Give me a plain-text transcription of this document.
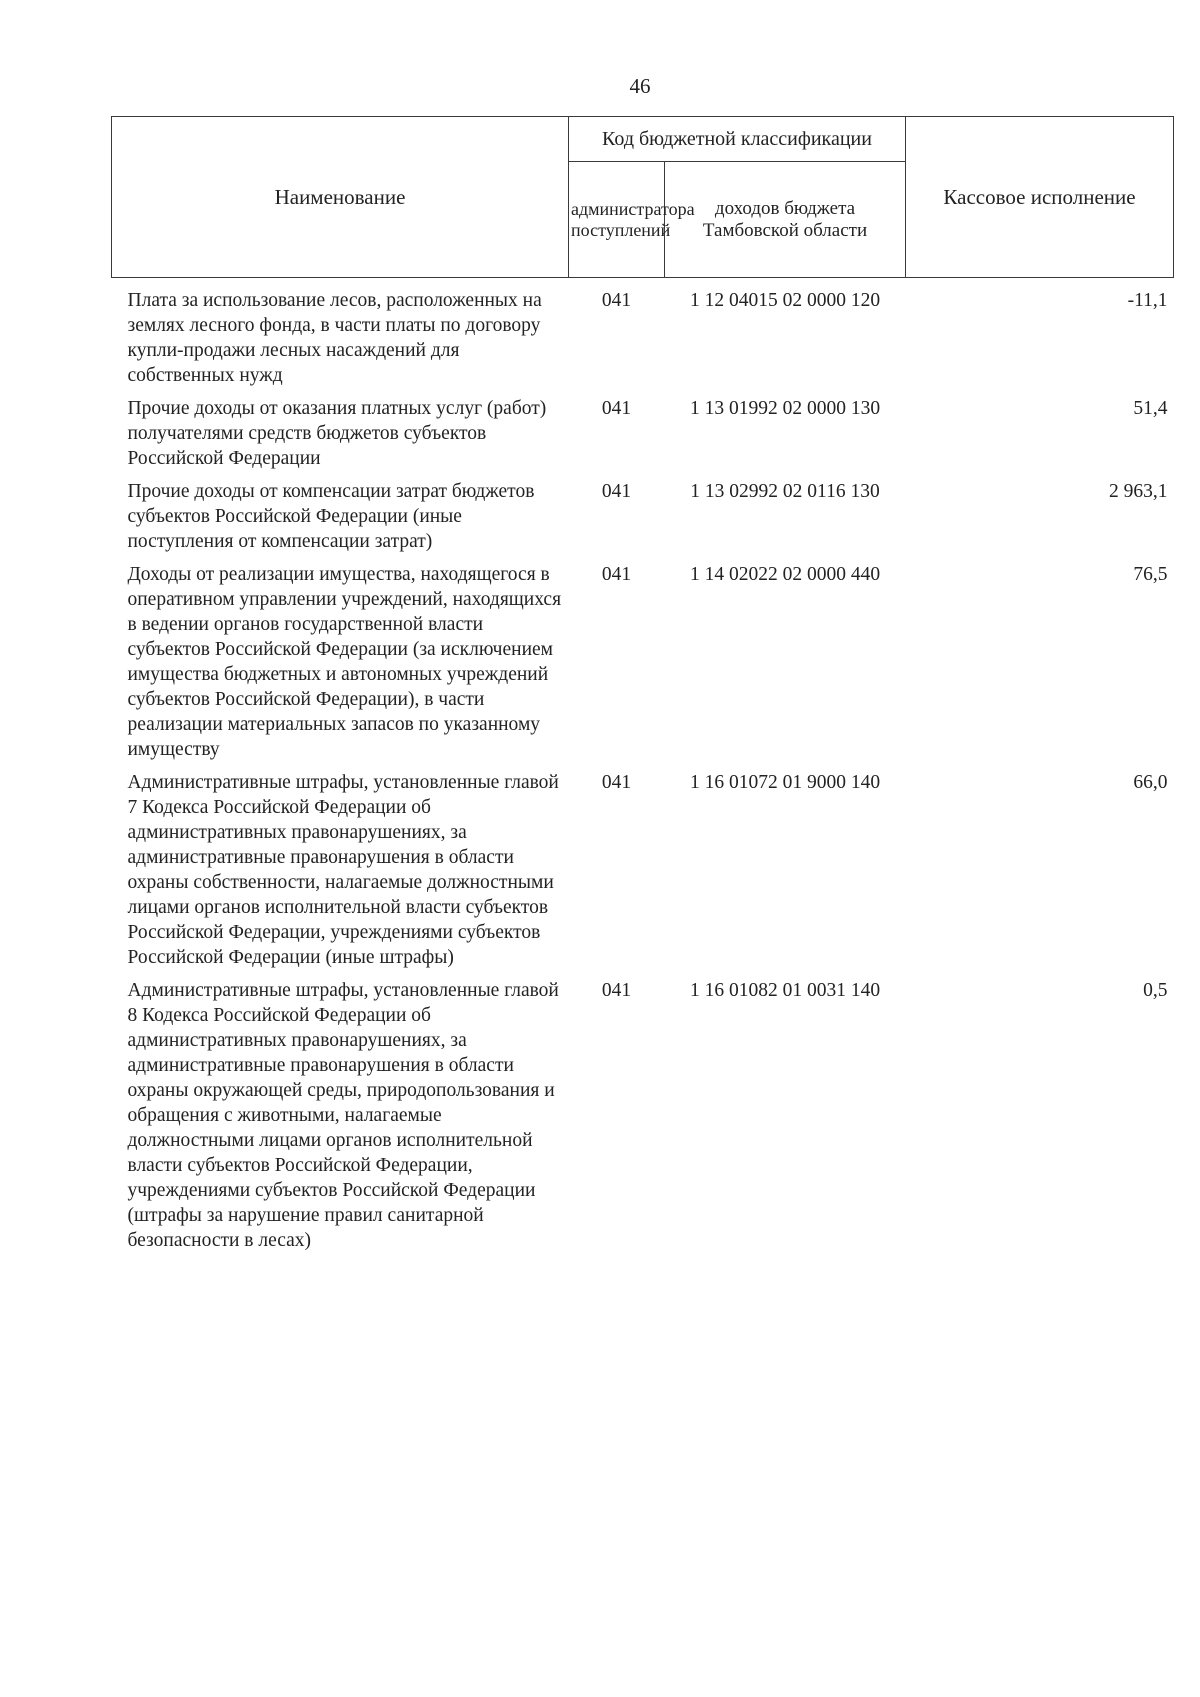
46
Наименование	Код бюджетной классификации		Кассовое исполнение
	администратора поступлений	доходов бюджета Тамбовской области	
Плата за использование лесов, расположенных на землях лесного фонда, в части платы по договору купли-продажи лесных насаждений для собственных нужд	041	1 12 04015 02 0000 120	-11,1
Прочие доходы от оказания платных услуг (работ) получателями средств бюджетов субъектов Российской Федерации	041	1 13 01992 02 0000 130	51,4
Прочие доходы от компенсации затрат бюджетов субъектов Российской Федерации (иные поступления от компенсации затрат)	041	1 13 02992 02 0116 130	2 963,1
Доходы от реализации имущества, находящегося в оперативном управлении учреждений, находящихся в ведении органов государственной власти субъектов Российской Федерации (за исключением имущества бюджетных и автономных учреждений субъектов Российской Федерации), в части реализации материальных запасов по указанному имуществу	041	1 14 02022 02 0000 440	76,5
Административные штрафы, установленные главой 7 Кодекса Российской Федерации об административных правонарушениях, за административные правонарушения в области охраны собственности, налагаемые должностными лицами органов исполнительной власти субъектов Российской Федерации, учреждениями субъектов Российской Федерации (иные штрафы)	041	1 16 01072 01 9000 140	66,0
Административные штрафы, установленные главой 8 Кодекса Российской Федерации об административных правонарушениях, за административные правонарушения в области охраны окружающей среды, природопользования и обращения с животными, налагаемые должностными лицами органов исполнительной власти субъектов Российской Федерации, учреждениями субъектов Российской Федерации (штрафы за нарушение правил санитарной безопасности в лесах)	041	1 16 01082 01 0031 140	0,5
